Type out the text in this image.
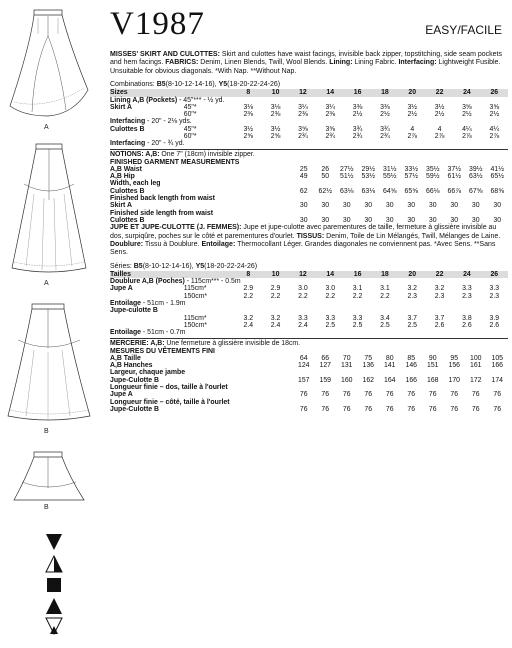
A
A
B
B
V1987	EASY/FACILE

MISSES' SKIRT AND CULOTTES: Skirt and culottes have waist facings, invisible back zipper, topstitching, side seam pockets and hem facings. FABRICS: Denim, Linen Blends, Twill, Wool Blends. Lining: Lining Fabric. Interfacing: Lightweight Fusible. Unsuitable for obvious diagonals. *With Nap. **Without Nap.

Combinations: B5(8-10-12-14-16), Y5(18-20-22-24-26)

Sizes		8	10	12	14	16	18	20	22	24	26
Lining A,B (Pockets) - 45"*** - ½ yd.											
Skirt A	45"*	3⅛	3⅛	3¼	3¼	3⅜	3⅜	3½	3½	3⅝	3⅝
	60"*	2⅜	2⅜	2⅜	2⅜	2½	2½	2½	2½	2½	2½
Interfacing - 20" - 2⅛ yds.											
Culottes B	45"*	3½	3½	3⅝	3⅝	3¾	3¾	4	4	4¼	4¼
	60"*	2⅝	2⅝	2¾	2¾	2¾	2¾	2⅞	2⅞	2⅞	2⅞
Interfacing - 20" - ¾ yd.											

NOTIONS: A,B: One 7" (18cm) invisible zipper.

FINISHED GARMENT MEASUREMENTS										
A,B Waist	25	26	27½	29½	31½	33½	35½	37½	39½	41½
A,B Hip	49	50	51½	53½	55½	57½	59½	61½	63½	65½
Width, each leg										
Culottes B	62	62½	63⅛	63⅛	64⅝	65⅝	66⅛	66⅞	67⅝	68⅝
Finished back length from waist										
Skirt A	30	30	30	30	30	30	30	30	30	30
Finished side length from waist										
Culottes B	30	30	30	30	30	30	30	30	30	30

JUPE ET JUPE-CULOTTE (J. FEMMES): Jupe et jupe-culotte avec parementures de taille, fermeture à glissière invisible au dos, surpiqûre, poches sur le côté et parementures d'ourlet. TISSUS: Denim, Toile de Lin Mélangés, Twill, Mélanges de Laine. Doublure: Tissu à Doublure. Entoilage: Thermocollant Léger. Grandes diagonales ne conviennent pas. *Avec Sens. **Sans Sens.

Séries: B5(8-10-12-14-16), Y5(18-20-22-24-26)

Tailles		8	10	12	14	16	18	20	22	24	26
Doublure A,B (Poches) - 115cm*** - 0.5m											
Jupe A	115cm*	2.9	2.9	3.0	3.0	3.1	3.1	3.2	3.2	3.3	3.3
	150cm*	2.2	2.2	2.2	2.2	2.2	2.2	2.3	2.3	2.3	2.3
Entoilage - 51cm - 1.9m											
Jupe-culotte B											
	115cm*	3.2	3.2	3.3	3.3	3.3	3.4	3.7	3.7	3.8	3.9
	150cm*	2.4	2.4	2.4	2.5	2.5	2.5	2.5	2.6	2.6	2.6
Entoilage - 51cm - 0.7m											

MERCERIE: A,B: Une fermeture à glissière invisible de 18cm.

MESURES DU VÊTEMENTS FINI										
A,B Taille	64	66	70	75	80	85	90	95	100	105
A,B Hanches	124	127	131	136	141	146	151	156	161	166
Largeur, chaque jambe										
Jupe-Culotte B	157	159	160	162	164	166	168	170	172	174
Longueur finie – dos, taille à l'ourlet										
Jupe A	76	76	76	76	76	76	76	76	76	76
Longueur finie – côté, taille à l'ourlet										
Jupe-Culotte B	76	76	76	76	76	76	76	76	76	76
